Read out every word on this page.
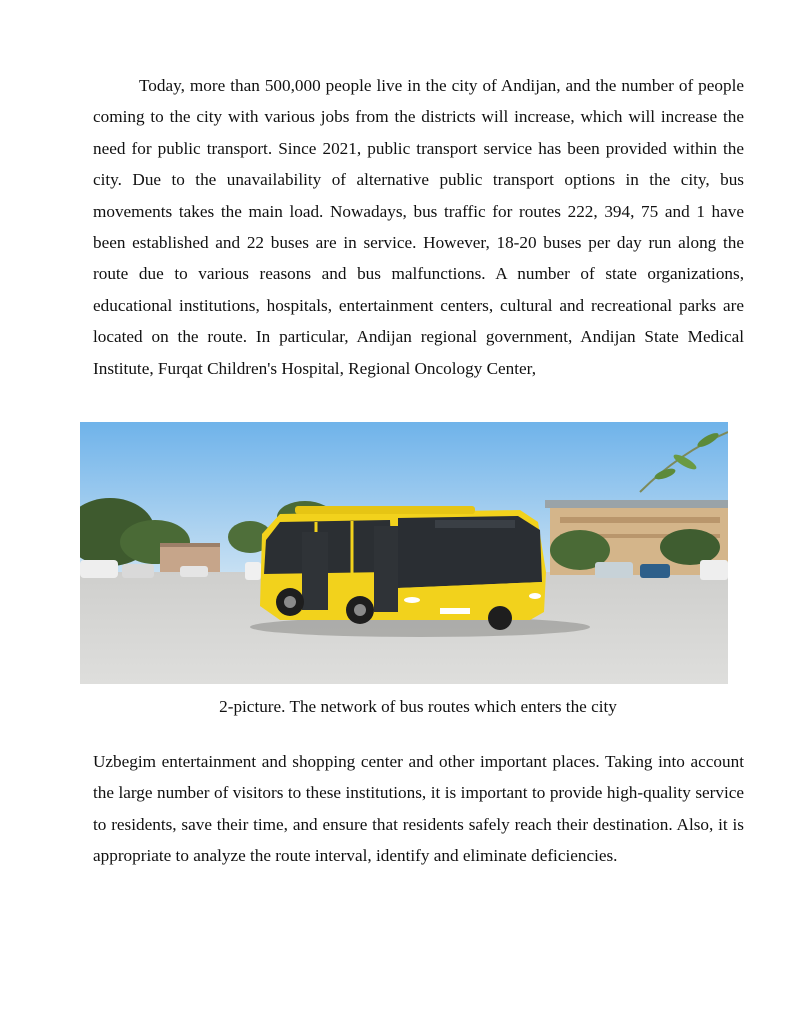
Today, more than 500,000 people live in the city of Andijan, and the number of people coming to the city with various jobs from the districts will increase, which will increase the need for public transport. Since 2021, public transport service has been provided within the city. Due to the unavailability of alternative public transport options in the city, bus movements takes the main load. Nowadays, bus traffic for routes 222, 394, 75 and 1 have been established and 22 buses are in service. However, 18-20 buses per day run along the route due to various reasons and bus malfunctions. A number of state organizations, educational institutions, hospitals, entertainment centers, cultural and recreational parks are located on the route. In particular, Andijan regional government, Andijan State Medical Institute, Furqat Children's Hospital, Regional Oncology Center,

2-picture. The network of bus routes which enters the city

Uzbegim entertainment and shopping center and other important places. Taking into account the large number of visitors to these institutions, it is important to provide high-quality service to residents, save their time, and ensure that residents safely reach their destination. Also, it is appropriate to analyze the route interval, identify and eliminate deficiencies.
